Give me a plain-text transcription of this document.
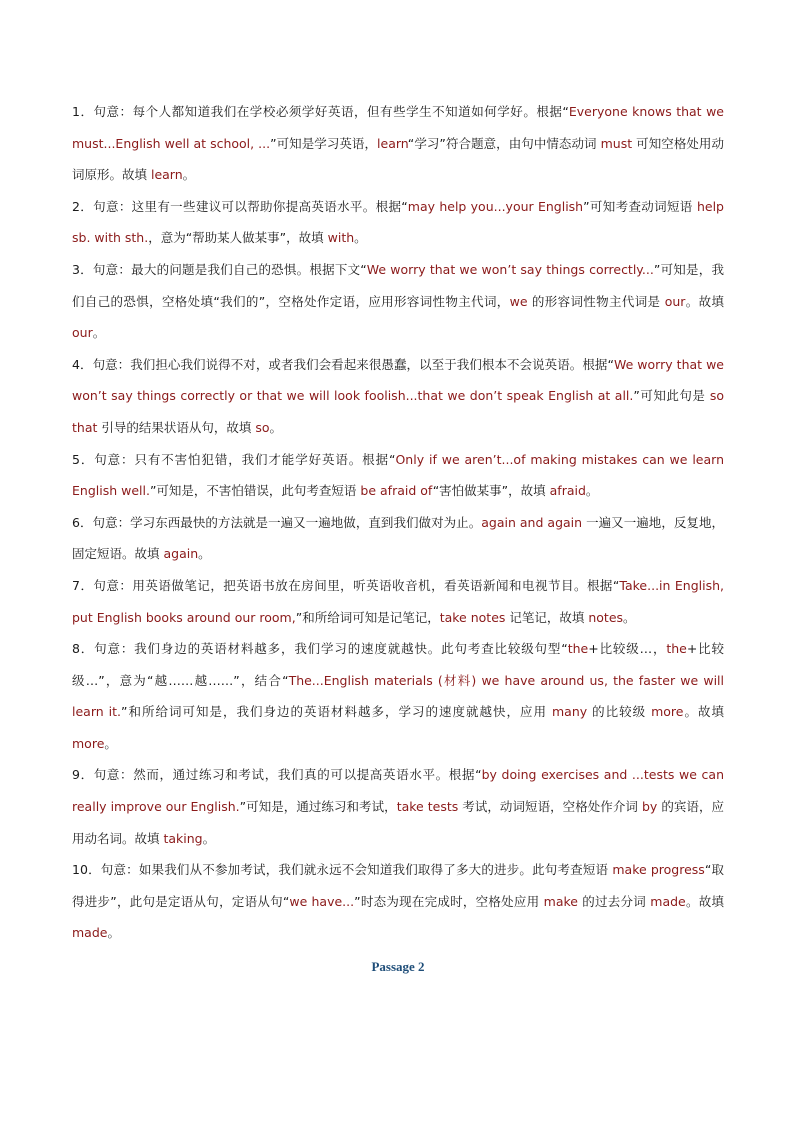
1．句意：每个人都知道我们在学校必须学好英语，但有些学生不知道如何学好。根据“Everyone knows that we must...English well at school, ...”可知是学习英语，learn“学习”符合题意，由句中情态动词 must 可知空格处用动词原形。故填 learn。

2．句意：这里有一些建议可以帮助你提高英语水平。根据“may help you...your English”可知考查动词短语 help sb. with sth.，意为“帮助某人做某事”，故填 with。

3．句意：最大的问题是我们自己的恐惧。根据下文“We worry that we won’t say things correctly...”可知是，我们自己的恐惧，空格处填“我们的”，空格处作定语，应用形容词性物主代词，we 的形容词性物主代词是 our。故填 our。

4．句意：我们担心我们说得不对，或者我们会看起来很愚蠢，以至于我们根本不会说英语。根据“We worry that we won’t say things correctly or that we will look foolish...that we don’t speak English at all.”可知此句是 so that 引导的结果状语从句，故填 so。

5．句意：只有不害怕犯错，我们才能学好英语。根据“Only if we aren’t...of making mistakes can we learn English well.”可知是，不害怕错误，此句考查短语 be afraid of“害怕做某事”，故填 afraid。

6．句意：学习东西最快的方法就是一遍又一遍地做，直到我们做对为止。again and again 一遍又一遍地，反复地，固定短语。故填 again。

7．句意：用英语做笔记，把英语书放在房间里，听英语收音机，看英语新闻和电视节目。根据“Take...in English, put English books around our room,”和所给词可知是记笔记，take notes 记笔记，故填 notes。

8．句意：我们身边的英语材料越多，我们学习的速度就越快。此句考查比较级句型“the+比较级…，the+比较级…”，意为“越……越……”，结合“The...English materials (材料) we have around us, the faster we will learn it.”和所给词可知是，我们身边的英语材料越多，学习的速度就越快，应用 many 的比较级 more。故填 more。

9．句意：然而，通过练习和考试，我们真的可以提高英语水平。根据“by doing exercises and ...tests we can really improve our English.”可知是，通过练习和考试，take tests 考试，动词短语，空格处作介词 by 的宾语，应用动名词。故填 taking。

10．句意：如果我们从不参加考试，我们就永远不会知道我们取得了多大的进步。此句考查短语 make progress“取得进步”，此句是定语从句，定语从句“we have...”时态为现在完成时，空格处应用 make 的过去分词 made。故填 made。

Passage 2
